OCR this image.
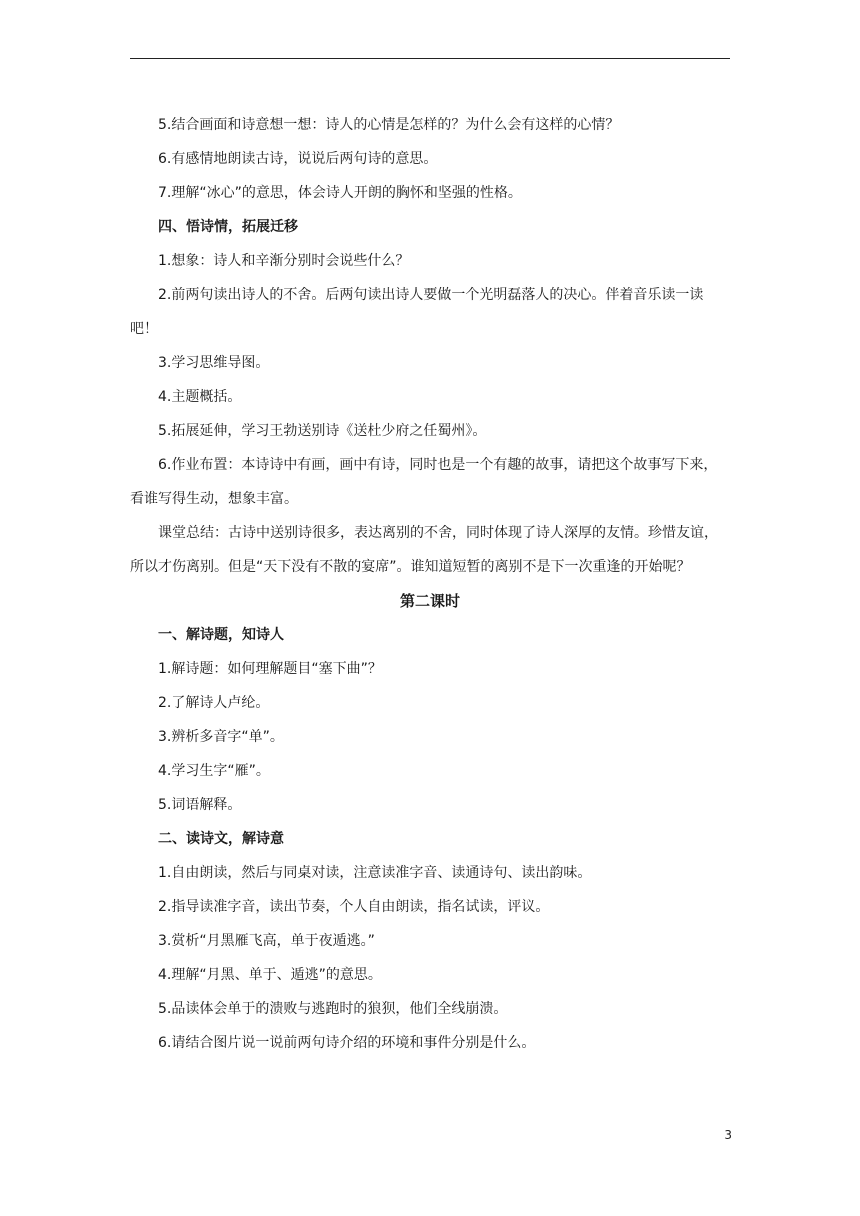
5.结合画面和诗意想一想：诗人的心情是怎样的？为什么会有这样的心情？

6.有感情地朗读古诗，说说后两句诗的意思。

7.理解“冰心”的意思，体会诗人开朗的胸怀和坚强的性格。

四、悟诗情，拓展迁移

1.想象：诗人和辛渐分别时会说些什么？

2.前两句读出诗人的不舍。后两句读出诗人要做一个光明磊落人的决心。伴着音乐读一读吧！

3.学习思维导图。

4.主题概括。

5.拓展延伸，学习王勃送别诗《送杜少府之任蜀州》。

6.作业布置：本诗诗中有画，画中有诗，同时也是一个有趣的故事，请把这个故事写下来，看谁写得生动，想象丰富。

课堂总结：古诗中送别诗很多，表达离别的不舍，同时体现了诗人深厚的友情。珍惜友谊，所以才伤离别。但是“天下没有不散的宴席”。谁知道短暂的离别不是下一次重逢的开始呢？

第二课时

一、解诗题，知诗人

1.解诗题：如何理解题目“塞下曲”？

2.了解诗人卢纶。

3.辨析多音字“单”。

4.学习生字“雁”。

5.词语解释。

二、读诗文，解诗意

1.自由朗读，然后与同桌对读，注意读准字音、读通诗句、读出韵味。

2.指导读准字音，读出节奏，个人自由朗读，指名试读，评议。

3.赏析“月黑雁飞高，单于夜遁逃。”

4.理解“月黑、单于、遁逃”的意思。

5.品读体会单于的溃败与逃跑时的狼狈，他们全线崩溃。

6.请结合图片说一说前两句诗介绍的环境和事件分别是什么。

3
